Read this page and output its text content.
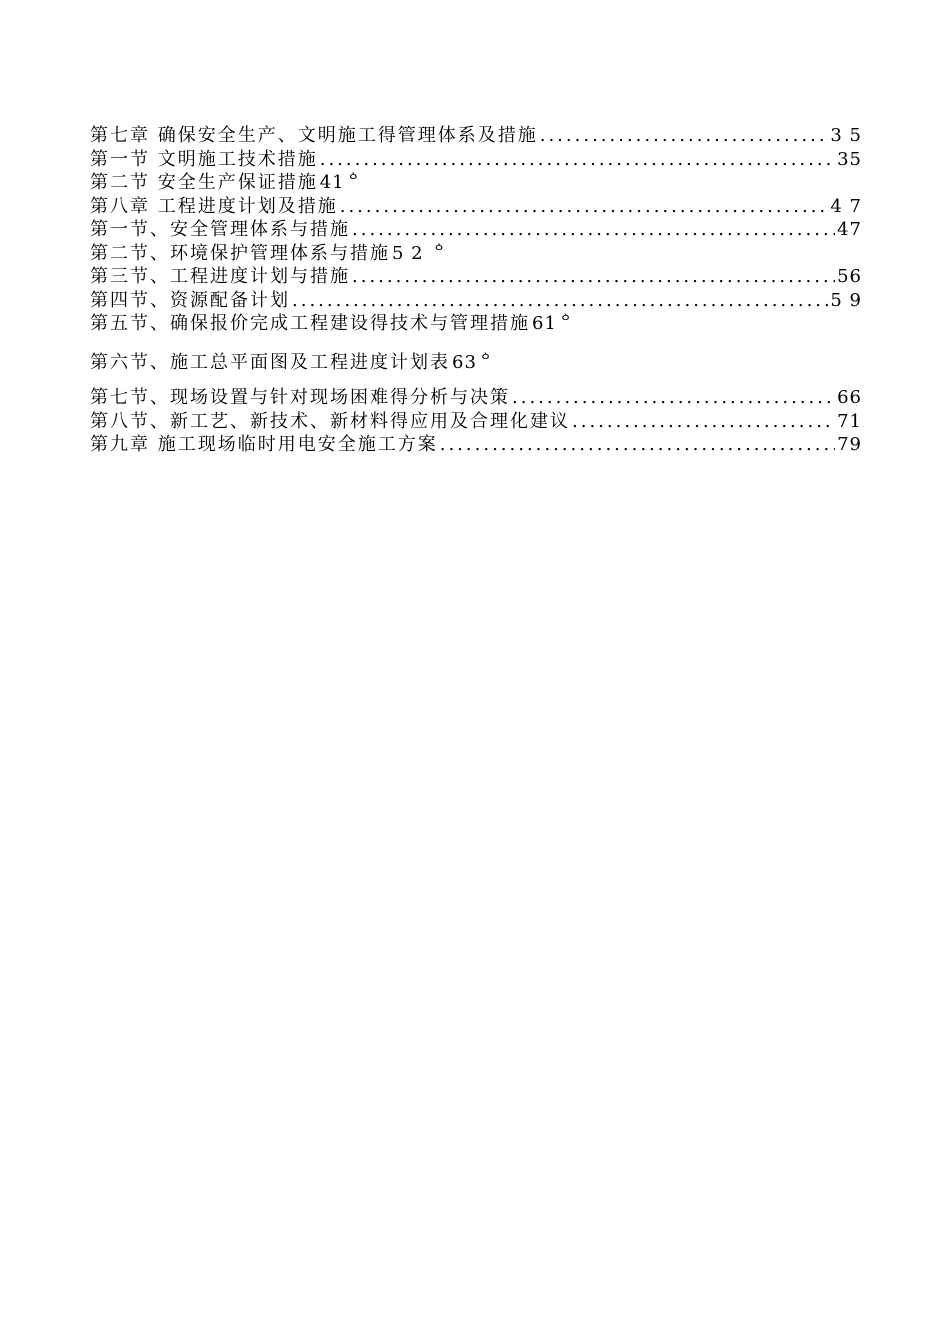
第七章 确保安全生产、文明施工得管理体系及措施 .....	3 5
第一节 文明施工技术措施 .....	35
第二节 安全生产保证措施 41ᅌ
第八章 工程进度计划及措施 .....	4 7
第一节、安全管理体系与措施 .....	47
第二节、环境保护管理体系与措施 5 2 ᅌ
第三节、工程进度计划与措施 .....	56
第四节、资源配备计划 .....	5 9
第五节、确保报价完成工程建设得技术与管理措施 61ᅌ
第六节、施工总平面图及工程进度计划表 63ᅌ
第七节、现场设置与针对现场困难得分析与决策 .....	66
第八节、新工艺、新技术、新材料得应用及合理化建议 .....	71
第九章 施工现场临时用电安全施工方案 .....	79
